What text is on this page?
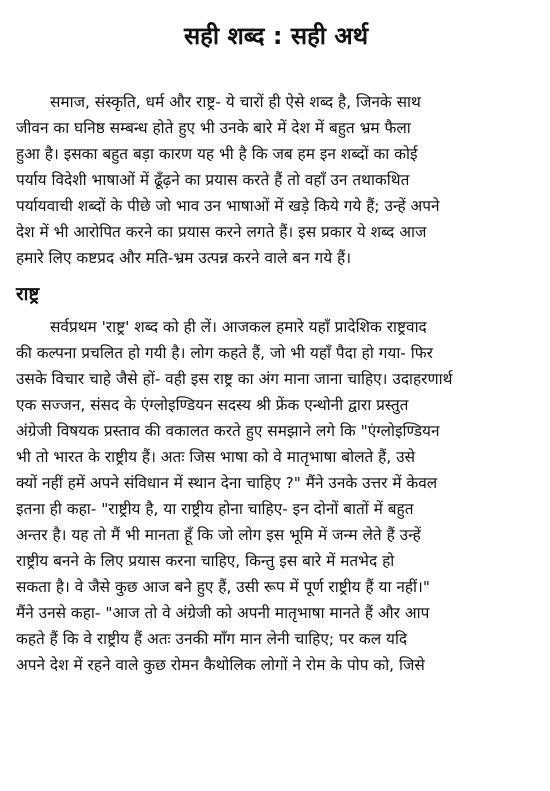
सही शब्द : सही अर्थ

समाज, संस्कृति, धर्म और राष्ट्र- ये चारों ही ऐसे शब्द है, जिनके साथ
जीवन का घनिष्ठ सम्बन्ध होते हुए भी उनके बारे में देश में बहुत भ्रम फैला
हुआ है। इसका बहुत बड़ा कारण यह भी है कि जब हम इन शब्दों का कोई
पर्याय विदेशी भाषाओं में ढूँढ़ने का प्रयास करते हैं तो वहाँ उन तथाकथित
पर्यायवाची शब्दों के पीछे जो भाव उन भाषाओं में खड़े किये गये हैं; उन्हें अपने
देश में भी आरोपित करने का प्रयास करने लगते हैं। इस प्रकार ये शब्द आज
हमारे लिए कष्टप्रद और मति-भ्रम उत्पन्न करने वाले बन गये हैं।

राष्ट्र

सर्वप्रथम 'राष्ट्र' शब्द को ही लें। आजकल हमारे यहाँ प्रादेशिक राष्ट्रवाद
की कल्पना प्रचलित हो गयी है। लोग कहते हैं, जो भी यहाँ पैदा हो गया- फिर
उसके विचार चाहे जैसे हों- वही इस राष्ट्र का अंग माना जाना चाहिए। उदाहरणार्थ
एक सज्जन, संसद के एंग्लोइण्डियन सदस्य श्री फ्रेंक एन्थोनी द्वारा प्रस्तुत
अंग्रेजी विषयक प्रस्ताव की वकालत करते हुए समझाने लगे कि "एंग्लोइण्डियन
भी तो भारत के राष्ट्रीय हैं। अतः जिस भाषा को वे मातृभाषा बोलते हैं, उसे
क्यों नहीं हमें अपने संविधान में स्थान देना चाहिए ?" मैंने उनके उत्तर में केवल
इतना ही कहा- "राष्ट्रीय है, या राष्ट्रीय होना चाहिए- इन दोनों बातों में बहुत
अन्तर है। यह तो मैं भी मानता हूँ कि जो लोग इस भूमि में जन्म लेते हैं उन्हें
राष्ट्रीय बनने के लिए प्रयास करना चाहिए, किन्तु इस बारे में मतभेद हो
सकता है। वे जैसे कुछ आज बने हुए हैं, उसी रूप में पूर्ण राष्ट्रीय हैं या नहीं।"
मैंने उनसे कहा- "आज तो वे अंग्रेजी को अपनी मातृभाषा मानते हैं और आप
कहते हैं कि वे राष्ट्रीय हैं अतः उनकी माँग मान लेनी चाहिए; पर कल यदि
अपने देश में रहने वाले कुछ रोमन कैथोलिक लोगों ने रोम के पोप को, जिसे
